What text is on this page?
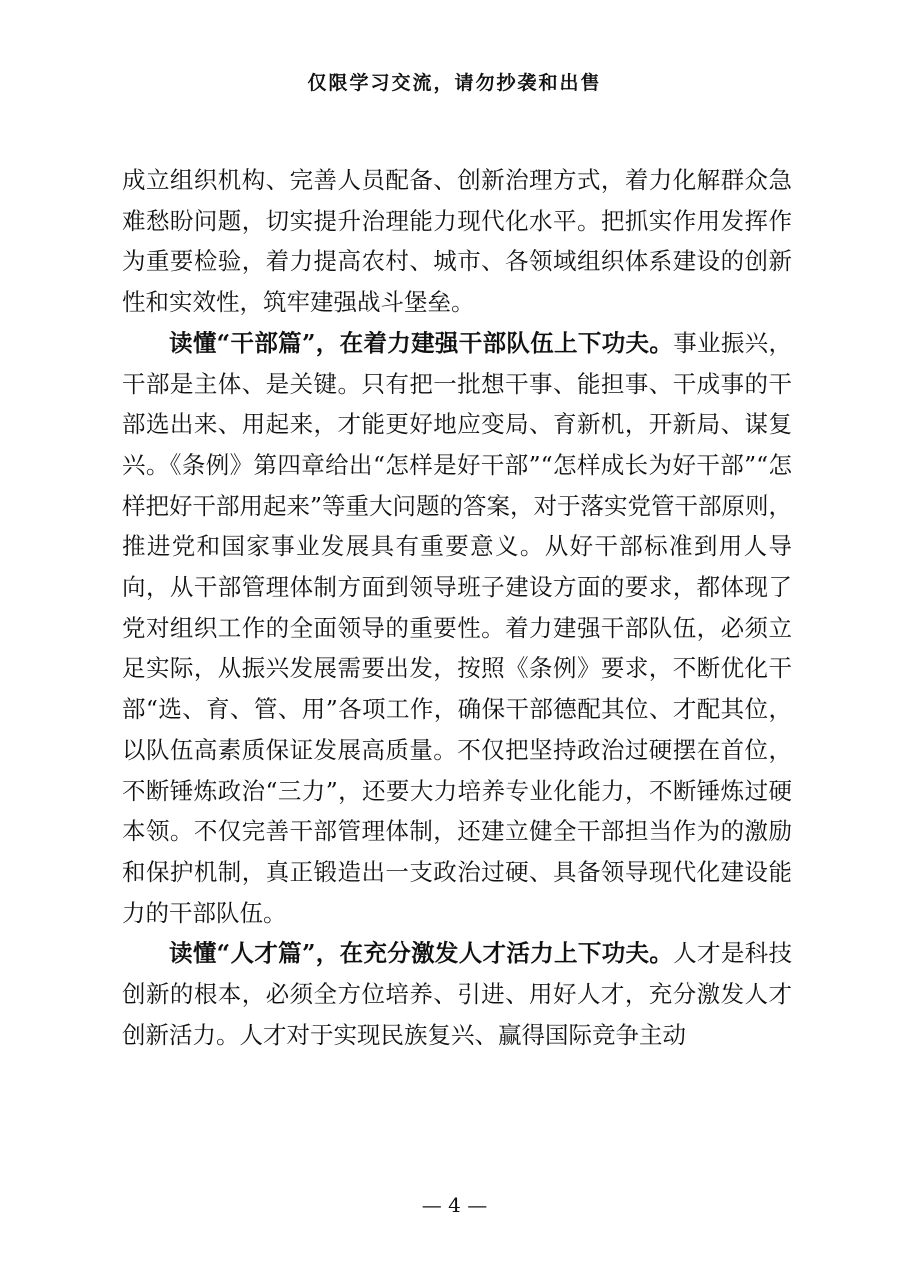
仅限学习交流，请勿抄袭和出售

成立组织机构、完善人员配备、创新治理方式，着力化解群众急难愁盼问题，切实提升治理能力现代化水平。把抓实作用发挥作为重要检验，着力提高农村、城市、各领域组织体系建设的创新性和实效性，筑牢建强战斗堡垒。

读懂“干部篇”，在着力建强干部队伍上下功夫。事业振兴，干部是主体、是关键。只有把一批想干事、能担事、干成事的干部选出来、用起来，才能更好地应变局、育新机，开新局、谋复兴。《条例》第四章给出“怎样是好干部”“怎样成长为好干部”“怎样把好干部用起来”等重大问题的答案，对于落实党管干部原则，推进党和国家事业发展具有重要意义。从好干部标准到用人导向，从干部管理体制方面到领导班子建设方面的要求，都体现了党对组织工作的全面领导的重要性。着力建强干部队伍，必须立足实际，从振兴发展需要出发，按照《条例》要求，不断优化干部“选、育、管、用”各项工作，确保干部德配其位、才配其位，以队伍高素质保证发展高质量。不仅把坚持政治过硬摆在首位，不断锤炼政治“三力”，还要大力培养专业化能力，不断锤炼过硬本领。不仅完善干部管理体制，还建立健全干部担当作为的激励和保护机制，真正锻造出一支政治过硬、具备领导现代化建设能力的干部队伍。

读懂“人才篇”，在充分激发人才活力上下功夫。人才是科技创新的根本，必须全方位培养、引进、用好人才，充分激发人才创新活力。人才对于实现民族复兴、赢得国际竞争主动

— 4 —
